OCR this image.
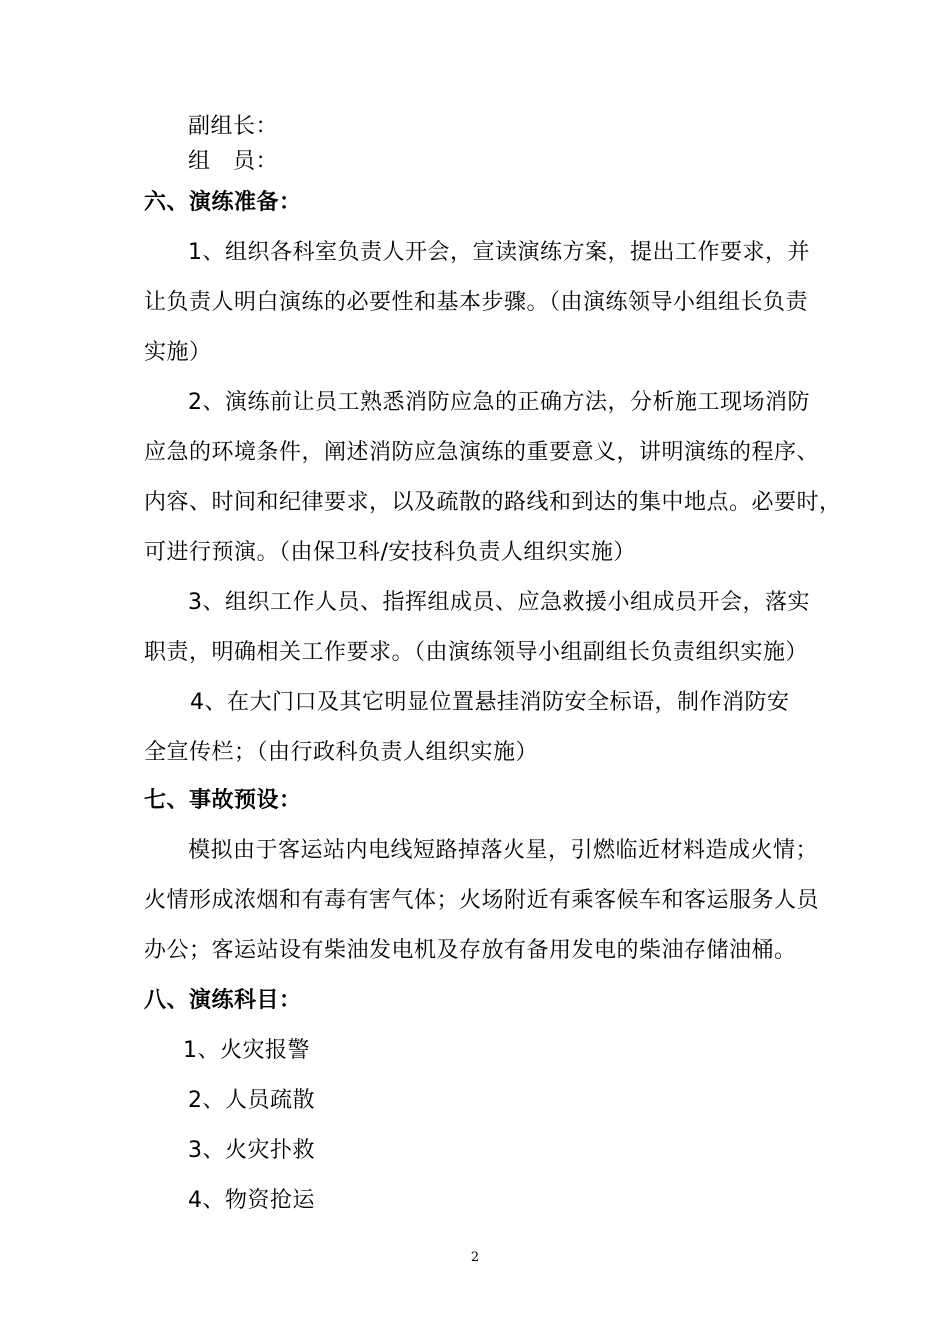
副组长：
组　员：
六、演练准备：
1、组织各科室负责人开会，宣读演练方案，提出工作要求，并
让负责人明白演练的必要性和基本步骤。（由演练领导小组组长负责
实施）
2、演练前让员工熟悉消防应急的正确方法，分析施工现场消防
应急的环境条件，阐述消防应急演练的重要意义，讲明演练的程序、
内容、时间和纪律要求，以及疏散的路线和到达的集中地点。必要时，
可进行预演。（由保卫科/安技科负责人组织实施）
3、组织工作人员、指挥组成员、应急救援小组成员开会，落实
职责，明确相关工作要求。（由演练领导小组副组长负责组织实施）
4、在大门口及其它明显位置悬挂消防安全标语，制作消防安
全宣传栏；（由行政科负责人组织实施）
七、事故预设：
模拟由于客运站内电线短路掉落火星，引燃临近材料造成火情；
火情形成浓烟和有毒有害气体；火场附近有乘客候车和客运服务人员
办公；客运站设有柴油发电机及存放有备用发电的柴油存储油桶。
八、演练科目：
1、火灾报警
2、人员疏散
3、火灾扑救
4、物资抢运
2
